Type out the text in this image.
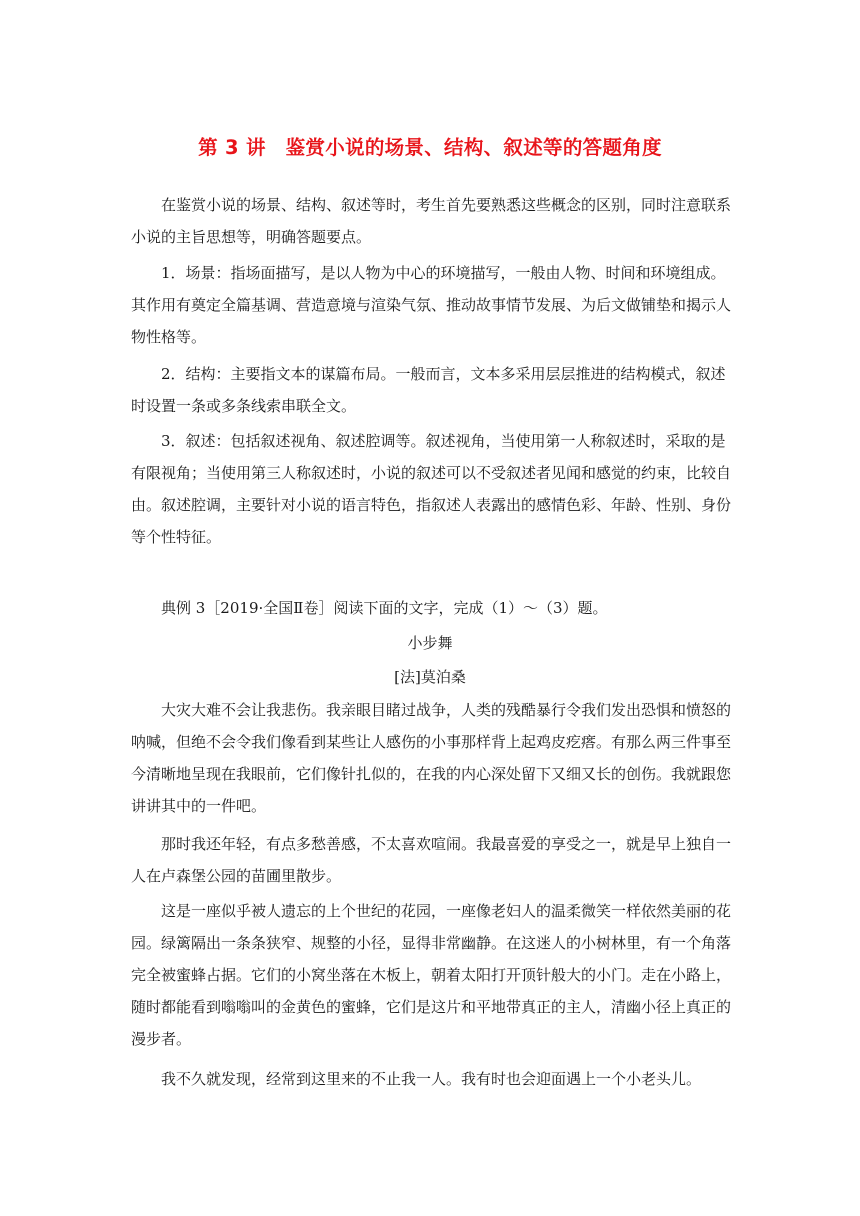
第 3 讲　鉴赏小说的场景、结构、叙述等的答题角度
在鉴赏小说的场景、结构、叙述等时，考生首先要熟悉这些概念的区别，同时注意联系
小说的主旨思想等，明确答题要点。
1．场景：指场面描写，是以人物为中心的环境描写，一般由人物、时间和环境组成。
其作用有奠定全篇基调、营造意境与渲染气氛、推动故事情节发展、为后文做铺垫和揭示人
物性格等。
2．结构：主要指文本的谋篇布局。一般而言，文本多采用层层推进的结构模式，叙述
时设置一条或多条线索串联全文。
3．叙述：包括叙述视角、叙述腔调等。叙述视角，当使用第一人称叙述时，采取的是
有限视角；当使用第三人称叙述时，小说的叙述可以不受叙述者见闻和感觉的约束，比较自
由。叙述腔调，主要针对小说的语言特色，指叙述人表露出的感情色彩、年龄、性别、身份
等个性特征。
典例 3［2019·全国Ⅱ卷］阅读下面的文字，完成（1）～（3）题。
小步舞
[法]莫泊桑
大灾大难不会让我悲伤。我亲眼目睹过战争，人类的残酷暴行令我们发出恐惧和愤怒的
呐喊，但绝不会令我们像看到某些让人感伤的小事那样背上起鸡皮疙瘩。有那么两三件事至
今清晰地呈现在我眼前，它们像针扎似的，在我的内心深处留下又细又长的创伤。我就跟您
讲讲其中的一件吧。
那时我还年轻，有点多愁善感，不太喜欢喧闹。我最喜爱的享受之一，就是早上独自一
人在卢森堡公园的苗圃里散步。
这是一座似乎被人遗忘的上个世纪的花园，一座像老妇人的温柔微笑一样依然美丽的花
园。绿篱隔出一条条狭窄、规整的小径，显得非常幽静。在这迷人的小树林里，有一个角落
完全被蜜蜂占据。它们的小窝坐落在木板上，朝着太阳打开顶针般大的小门。走在小路上，
随时都能看到嗡嗡叫的金黄色的蜜蜂，它们是这片和平地带真正的主人，清幽小径上真正的
漫步者。
我不久就发现，经常到这里来的不止我一人。我有时也会迎面遇上一个小老头儿。
